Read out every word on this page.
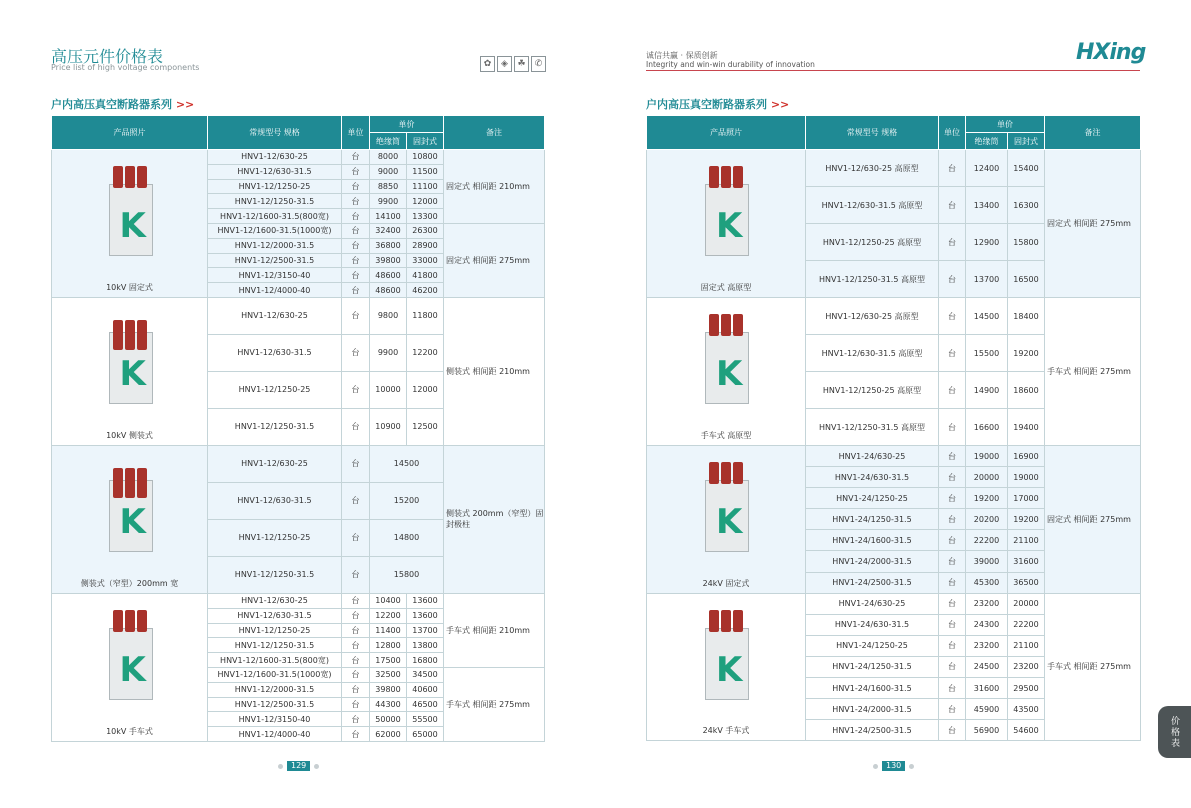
高压元件价格表
Price list of high voltage components	✿	◈	☘	✆
户内高压真空断路器系列 >>
诚信共赢 · 保质创新
Integrity and win-win durability of innovation	HXing
户内高压真空断路器系列 >>
产品照片	常规型号 规格	单位	单价		备注
			绝缘筒	固封式	

K
10kV 固定式	HNV1-12/630-25	台	8000	10800	固定式 相间距 210mm
	HNV1-12/630-31.5	台	9000	11500	
	HNV1-12/1250-25	台	8850	11100	
	HNV1-12/1250-31.5	台	9900	12000	
	HNV1-12/1600-31.5(800宽)	台	14100	13300	
	HNV1-12/1600-31.5(1000宽)	台	32400	26300	固定式 相间距 275mm
	HNV1-12/2000-31.5	台	36800	28900	
	HNV1-12/2500-31.5	台	39800	33000	
	HNV1-12/3150-40	台	48600	41800	
	HNV1-12/4000-40	台	48600	46200	

K
10kV 侧装式	HNV1-12/630-25	台	9800	11800	侧装式 相间距 210mm
	HNV1-12/630-31.5	台	9900	12200	
	HNV1-12/1250-25	台	10000	12000	
	HNV1-12/1250-31.5	台	10900	12500	

K
侧装式（窄型）200mm 宽	HNV1-12/630-25	台	14500		侧装式 200mm（窄型）固封极柱
	HNV1-12/630-31.5	台	15200		
	HNV1-12/1250-25	台	14800		
	HNV1-12/1250-31.5	台	15800		

K
10kV 手车式	HNV1-12/630-25	台	10400	13600	手车式 相间距 210mm
	HNV1-12/630-31.5	台	12200	13600	
	HNV1-12/1250-25	台	11400	13700	
	HNV1-12/1250-31.5	台	12800	13800	
	HNV1-12/1600-31.5(800宽)	台	17500	16800	
	HNV1-12/1600-31.5(1000宽)	台	32500	34500	手车式 相间距 275mm
	HNV1-12/2000-31.5	台	39800	40600	
	HNV1-12/2500-31.5	台	44300	46500	
	HNV1-12/3150-40	台	50000	55500	
	HNV1-12/4000-40	台	62000	65000	
产品照片	常规型号 规格	单位	单价		备注
			绝缘筒	固封式	

K
固定式 高原型	HNV1-12/630-25 高原型	台	12400	15400	固定式 相间距 275mm
	HNV1-12/630-31.5 高原型	台	13400	16300	
	HNV1-12/1250-25 高原型	台	12900	15800	
	HNV1-12/1250-31.5 高原型	台	13700	16500	

K
手车式 高原型	HNV1-12/630-25 高原型	台	14500	18400	手车式 相间距 275mm
	HNV1-12/630-31.5 高原型	台	15500	19200	
	HNV1-12/1250-25 高原型	台	14900	18600	
	HNV1-12/1250-31.5 高原型	台	16600	19400	

K
24kV 固定式	HNV1-24/630-25	台	19000	16900	固定式 相间距 275mm
	HNV1-24/630-31.5	台	20000	19000	
	HNV1-24/1250-25	台	19200	17000	
	HNV1-24/1250-31.5	台	20200	19200	
	HNV1-24/1600-31.5	台	22200	21100	
	HNV1-24/2000-31.5	台	39000	31600	
	HNV1-24/2500-31.5	台	45300	36500	

K
24kV 手车式	HNV1-24/630-25	台	23200	20000	手车式 相间距 275mm
	HNV1-24/630-31.5	台	24300	22200	
	HNV1-24/1250-25	台	23200	21100	
	HNV1-24/1250-31.5	台	24500	23200	
	HNV1-24/1600-31.5	台	31600	29500	
	HNV1-24/2000-31.5	台	45900	43500	
	HNV1-24/2500-31.5	台	56900	54600	
129	130
价格表
